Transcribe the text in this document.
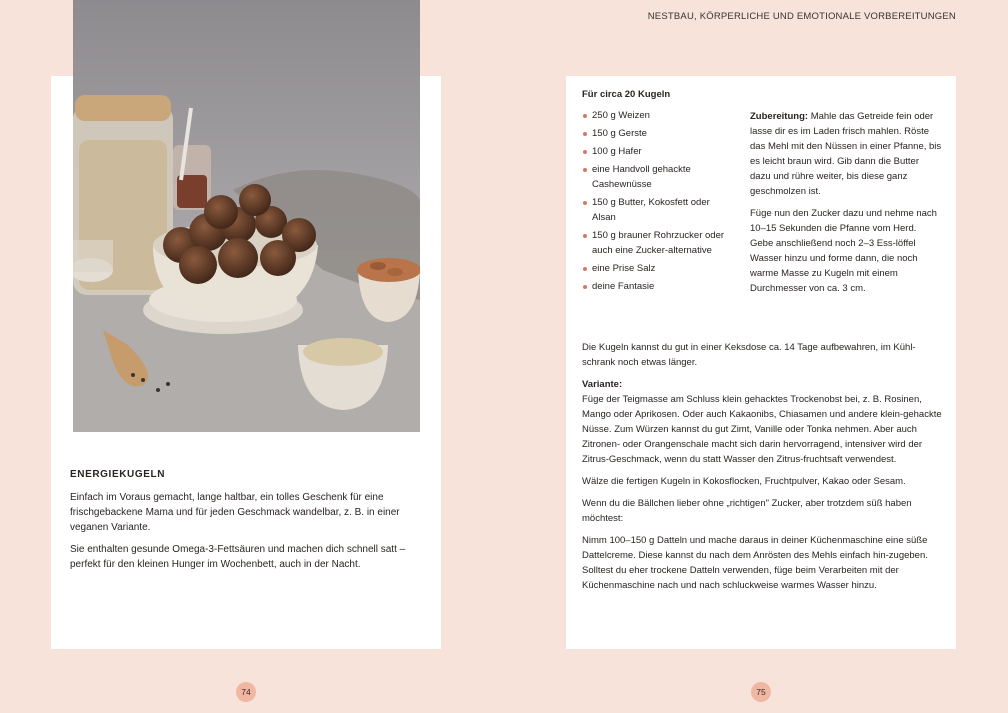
NESTBAU, KÖRPERLICHE UND EMOTIONALE VORBEREITUNGEN
ENERGIEKUGELN

Einfach im Voraus gemacht, lange haltbar, ein tolles Geschenk für eine frischgebackene Mama und für jeden Geschmack wandelbar, z. B. in einer veganen Variante.

Sie enthalten gesunde Omega-3-Fettsäuren und machen dich schnell satt – perfekt für den kleinen Hunger im Wochenbett, auch in der Nacht.

Für circa 20 Kugeln
250 g Weizen
150 g Gerste
100 g Hafer
eine Handvoll gehackte Cashewnüsse
150 g Butter, Kokosfett oder Alsan
150 g brauner Rohrzucker oder auch eine Zucker-alternative
eine Prise Salz
deine Fantasie

Zubereitung: Mahle das Getreide fein oder lasse dir es im Laden frisch mahlen. Röste das Mehl mit den Nüssen in einer Pfanne, bis es leicht braun wird. Gib dann die Butter dazu und rühre weiter, bis diese ganz geschmolzen ist.

Füge nun den Zucker dazu und nehme nach 10–15 Sekunden die Pfanne vom Herd. Gebe anschließend noch 2–3 Ess-löffel Wasser hinzu und forme dann, die noch warme Masse zu Kugeln mit einem Durchmesser von ca. 3 cm.

Die Kugeln kannst du gut in einer Keksdose ca. 14 Tage aufbewahren, im Kühl-schrank noch etwas länger.

Variante:

Füge der Teigmasse am Schluss klein gehacktes Trockenobst bei, z. B. Rosinen, Mango oder Aprikosen. Oder auch Kakaonibs, Chiasamen und andere klein-gehackte Nüsse. Zum Würzen kannst du gut Zimt, Vanille oder Tonka nehmen. Aber auch Zitronen- oder Orangenschale macht sich darin hervorragend, intensiver wird der Zitrus-Geschmack, wenn du statt Wasser den Zitrus-fruchtsaft verwendest.

Wälze die fertigen Kugeln in Kokosflocken, Fruchtpulver, Kakao oder Sesam.

Wenn du die Bällchen lieber ohne „richtigen" Zucker, aber trotzdem süß haben möchtest:

Nimm 100–150 g Datteln und mache daraus in deiner Küchenmaschine eine süße Dattelcreme. Diese kannst du nach dem Anrösten des Mehls einfach hin-zugeben. Solltest du eher trockene Datteln verwenden, füge beim Verarbeiten mit der Küchenmaschine nach und nach schluckweise warmes Wasser hinzu.

74	75
